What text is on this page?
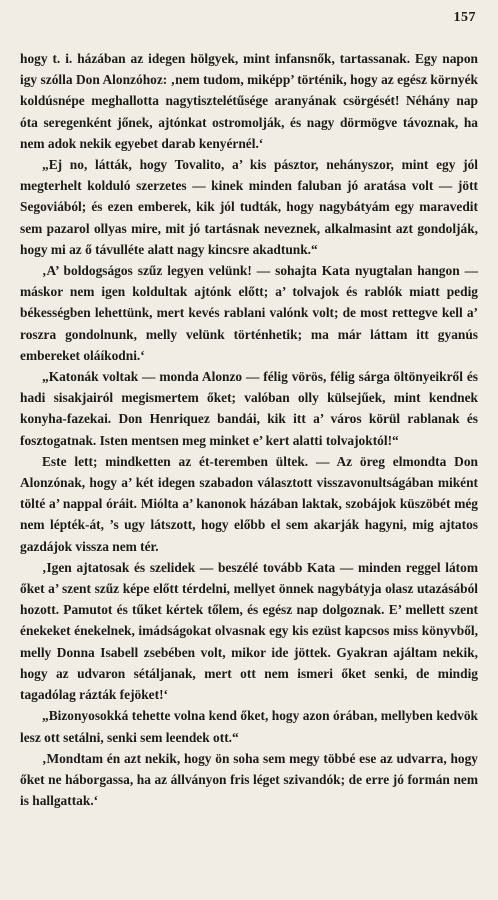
157

hogy t. i. házában az idegen hölgyek, mint infansnők, tartassanak. Egy napon igy szólla Don Alonzóhoz: ‚nem tudom, miképp’ történik, hogy az egész környék koldúsnépe meghallotta nagytisztelétűsége aranyának csörgését! Néhány nap óta seregenként jőnek, ajtónkat ostromolják, és nagy dörmögve távoznak, ha nem adok nekik egyebet darab kenyérnél.‘

„Ej no, látták, hogy Tovalito, a’ kis pásztor, nehányszor, mint egy jól megterhelt kolduló szerzetes — kinek minden faluban jó aratása volt — jött Segoviából; és ezen emberek, kik jól tudták, hogy nagybátyám egy maravedit sem pazarol ollyas mire, mit jó tartásnak neveznek, alkalmasint azt gondolják, hogy mi az ő távulléte alatt nagy kincsre akadtunk.“

‚A’ boldogságos szűz legyen velünk! — sohajta Kata nyugtalan hangon — máskor nem igen koldultak ajtónk előtt; a’ tolvajok és rablók miatt pedig békességben lehettünk, mert kevés rablani valónk volt; de most rettegve kell a’ roszra gondolnunk, melly velünk történhetik; ma már láttam itt gyanús embereket oláíkodni.‘

„Katonák voltak — monda Alonzo — félig vörös, félig sárga öltönyeikről és hadi sisakjairól megismertem őket; valóban olly külsejűek, mint kendnek konyha-fazekai. Don Henriquez bandái, kik itt a’ város körül rablanak és fosztogatnak. Isten mentsen meg minket e’ kert alatti tolvajoktól!“

Este lett; mindketten az ét-teremben ültek. — Az öreg elmondta Don Alonzónak, hogy a’ két idegen szabadon választott visszavonultságában miként tölté a’ nappal óráit. Miólta a’ kanonok házában laktak, szobájok küszöbét még nem lépték-át, ’s ugy látszott, hogy előbb el sem akarják hagyni, mig ajtatos gazdájok vissza nem tér.

‚Igen ajtatosak és szelidek — beszélé tovább Kata — minden reggel látom őket a’ szent szűz képe előtt térdelni, mellyet önnek nagybátyja olasz utazásából hozott. Pamutot és tűket kértek tőlem, és egész nap dolgoznak. E’ mellett szent énekeket énekelnek, imádságokat olvasnak egy kis ezüst kapcsos miss könyvből, melly Donna Isabell zsebében volt, mikor ide jöttek. Gyakran ajáltam nekik, hogy az udvaron sétáljanak, mert ott nem ismeri őket senki, de mindig tagadólag rázták fejöket!‘

„Bizonyosokká tehette volna kend őket, hogy azon órában, mellyben kedvök lesz ott setálni, senki sem leendek ott.“

‚Mondtam én azt nekik, hogy ön soha sem megy többé ese az udvarra, hogy őket ne háborgassa, ha az állványon fris léget szivandók; de erre jó formán nem is hallgattak.‘
